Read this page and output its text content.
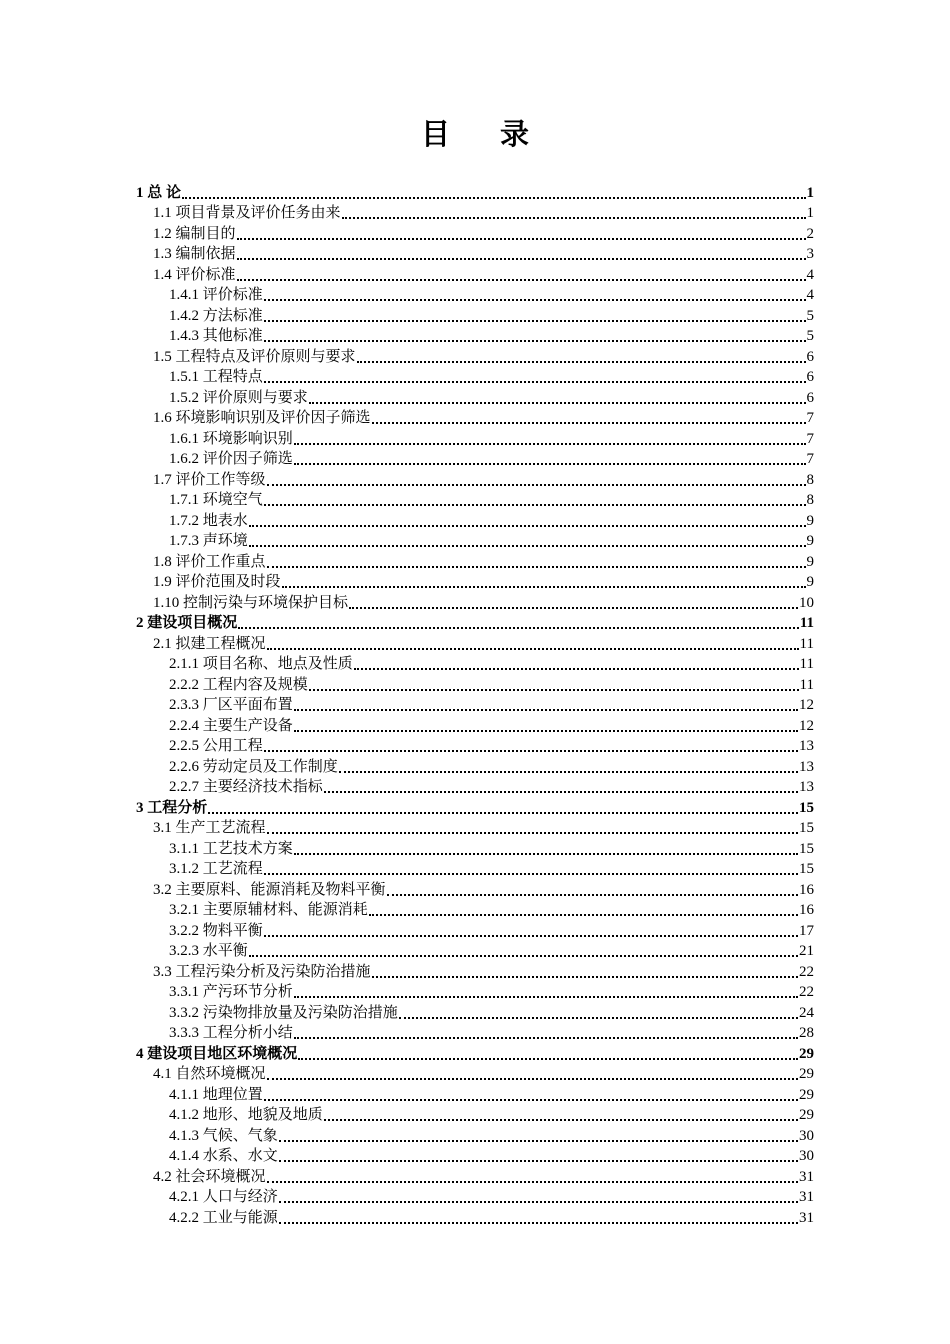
目 录
1 总 论	1
1.1 项目背景及评价任务由来	1
1.2 编制目的	2
1.3 编制依据	3
1.4 评价标准	4
1.4.1 评价标准	4
1.4.2 方法标准	5
1.4.3 其他标准	5
1.5 工程特点及评价原则与要求	6
1.5.1 工程特点	6
1.5.2 评价原则与要求	6
1.6 环境影响识别及评价因子筛选	7
1.6.1 环境影响识别	7
1.6.2 评价因子筛选	7
1.7 评价工作等级	8
1.7.1 环境空气	8
1.7.2 地表水	9
1.7.3 声环境	9
1.8 评价工作重点	9
1.9 评价范围及时段	9
1.10 控制污染与环境保护目标	10
2 建设项目概况	11
2.1 拟建工程概况	11
2.1.1 项目名称、地点及性质	11
2.2.2 工程内容及规模	11
2.3.3 厂区平面布置	12
2.2.4 主要生产设备	12
2.2.5 公用工程	13
2.2.6 劳动定员及工作制度	13
2.2.7 主要经济技术指标	13
3 工程分析	15
3.1 生产工艺流程	15
3.1.1 工艺技术方案	15
3.1.2 工艺流程	15
3.2 主要原料、能源消耗及物料平衡	16
3.2.1 主要原辅材料、能源消耗	16
3.2.2 物料平衡	17
3.2.3 水平衡	21
3.3 工程污染分析及污染防治措施	22
3.3.1 产污环节分析	22
3.3.2 污染物排放量及污染防治措施	24
3.3.3 工程分析小结	28
4 建设项目地区环境概况	29
4.1 自然环境概况	29
4.1.1 地理位置	29
4.1.2 地形、地貌及地质	29
4.1.3 气候、气象	30
4.1.4 水系、水文	30
4.2 社会环境概况	31
4.2.1 人口与经济	31
4.2.2 工业与能源	31
